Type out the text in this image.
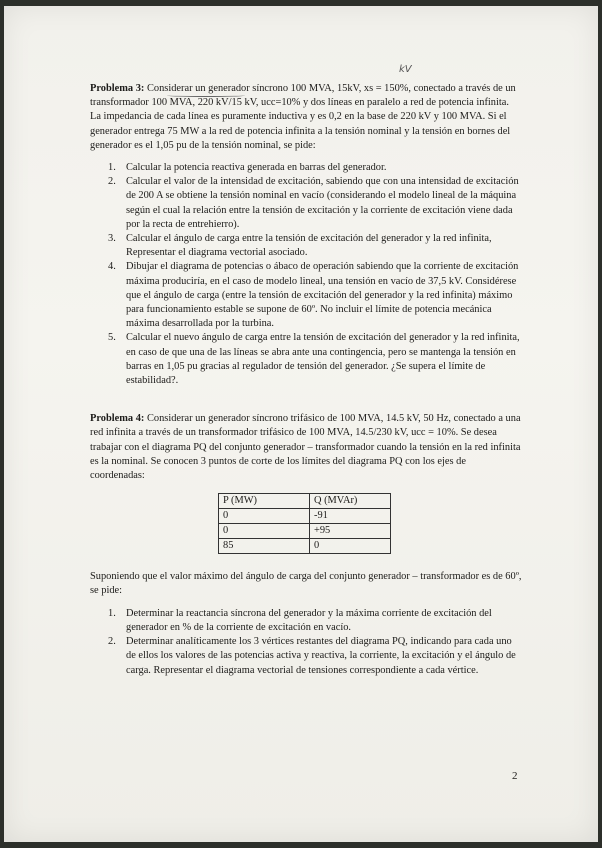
kV

Problema 3: Considerar un generador síncrono 100 MVA, 15kV, xs = 150%, conectado a través de un transformador 100 MVA, 220 kV/15 kV, ucc=10% y dos líneas en paralelo a red de potencia infinita. La impedancia de cada línea es puramente inductiva y es 0,2 en la base de 220 kV y 100 MVA. Si el generador entrega 75 MW a la red de potencia infinita a la tensión nominal y la tensión en bornes del generador es el 1,05 pu de la tensión nominal, se pide:

1. Calcular la potencia reactiva generada en barras del generador.
2. Calcular el valor de la intensidad de excitación, sabiendo que con una intensidad de excitación de 200 A se obtiene la tensión nominal en vacío (considerando el modelo lineal de la máquina según el cual la relación entre la tensión de excitación y la corriente de excitación viene dada por la recta de entrehierro).
3. Calcular el ángulo de carga entre la tensión de excitación del generador y la red infinita, Representar el diagrama vectorial asociado.
4. Dibujar el diagrama de potencias o ábaco de operación sabiendo que la corriente de excitación máxima produciría, en el caso de modelo lineal, una tensión en vacío de 37,5 kV. Considérese que el ángulo de carga (entre la tensión de excitación del generador y la red infinita) máximo para funcionamiento estable se supone de 60º. No incluir el límite de potencia mecánica máxima desarrollada por la turbina.
5. Calcular el nuevo ángulo de carga entre la tensión de excitación del generador y la red infinita, en caso de que una de las líneas se abra ante una contingencia, pero se mantenga la tensión en barras en 1,05 pu gracias al regulador de tensión del generador. ¿Se supera el límite de estabilidad?.

Problema 4: Considerar un generador síncrono trifásico de 100 MVA, 14.5 kV, 50 Hz, conectado a una red infinita a través de un transformador trifásico de 100 MVA, 14.5/230 kV, ucc = 10%. Se desea trabajar con el diagrama PQ del conjunto generador – transformador cuando la tensión en la red infinita es la nominal. Se conocen 3 puntos de corte de los límites del diagrama PQ con los ejes de coordenadas:

P (MW)	Q (MVAr)
0	-91
0	+95
85	0

Suponiendo que el valor máximo del ángulo de carga del conjunto generador – transformador es de 60º, se pide:

1. Determinar la reactancia síncrona del generador y la máxima corriente de excitación del generador en % de la corriente de excitación en vacío.
2. Determinar analíticamente los 3 vértices restantes del diagrama PQ, indicando para cada uno de ellos los valores de las potencias activa y reactiva, la corriente, la excitación y el ángulo de carga. Representar el diagrama vectorial de tensiones correspondiente a cada vértice.
2
